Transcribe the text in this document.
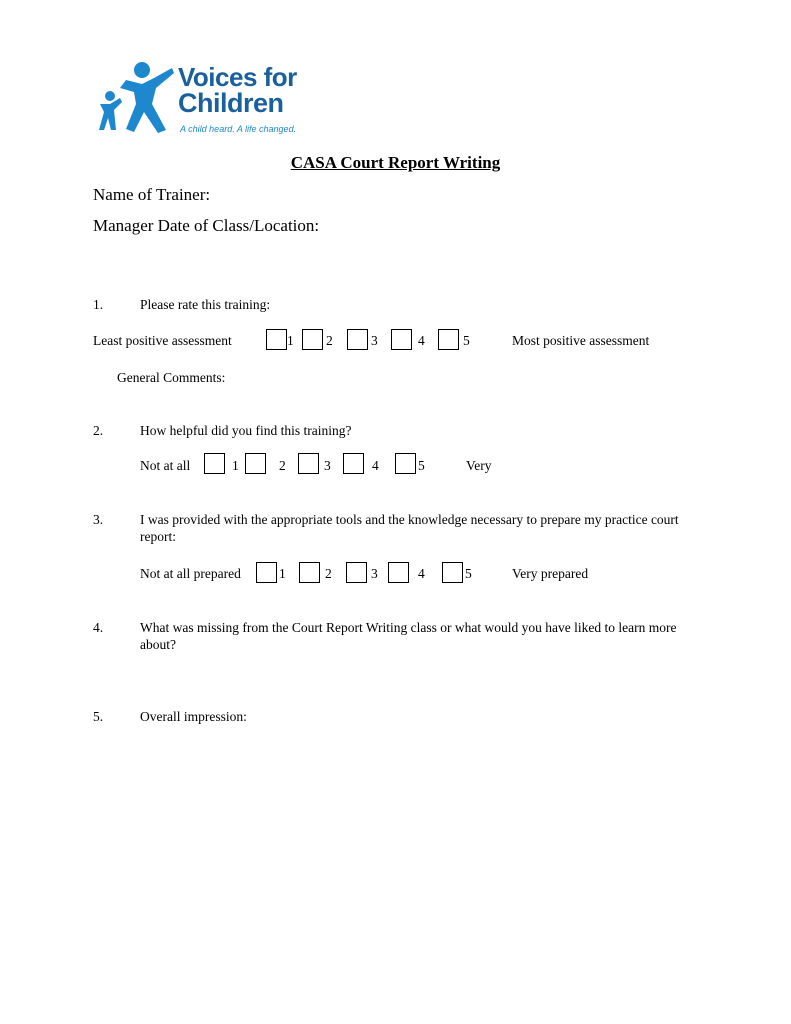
Voices for
Children
A child heard. A life changed.
CASA Court Report Writing
Name of Trainer:
Manager Date of Class/Location:
1.	Please rate this training:
Least positive assessment	1 2	3	4	5	Most positive assessment
General Comments:
2.	How helpful did you find this training?
Not at all	1	2	3	4	5	Very
3.	I was provided with the appropriate tools and the knowledge necessary to prepare my practice court report:
Not at all prepared	1	2	3	4	5	Very prepared
4.	What was missing from the Court Report Writing class or what would you have liked to learn more about?
5.	Overall impression:
